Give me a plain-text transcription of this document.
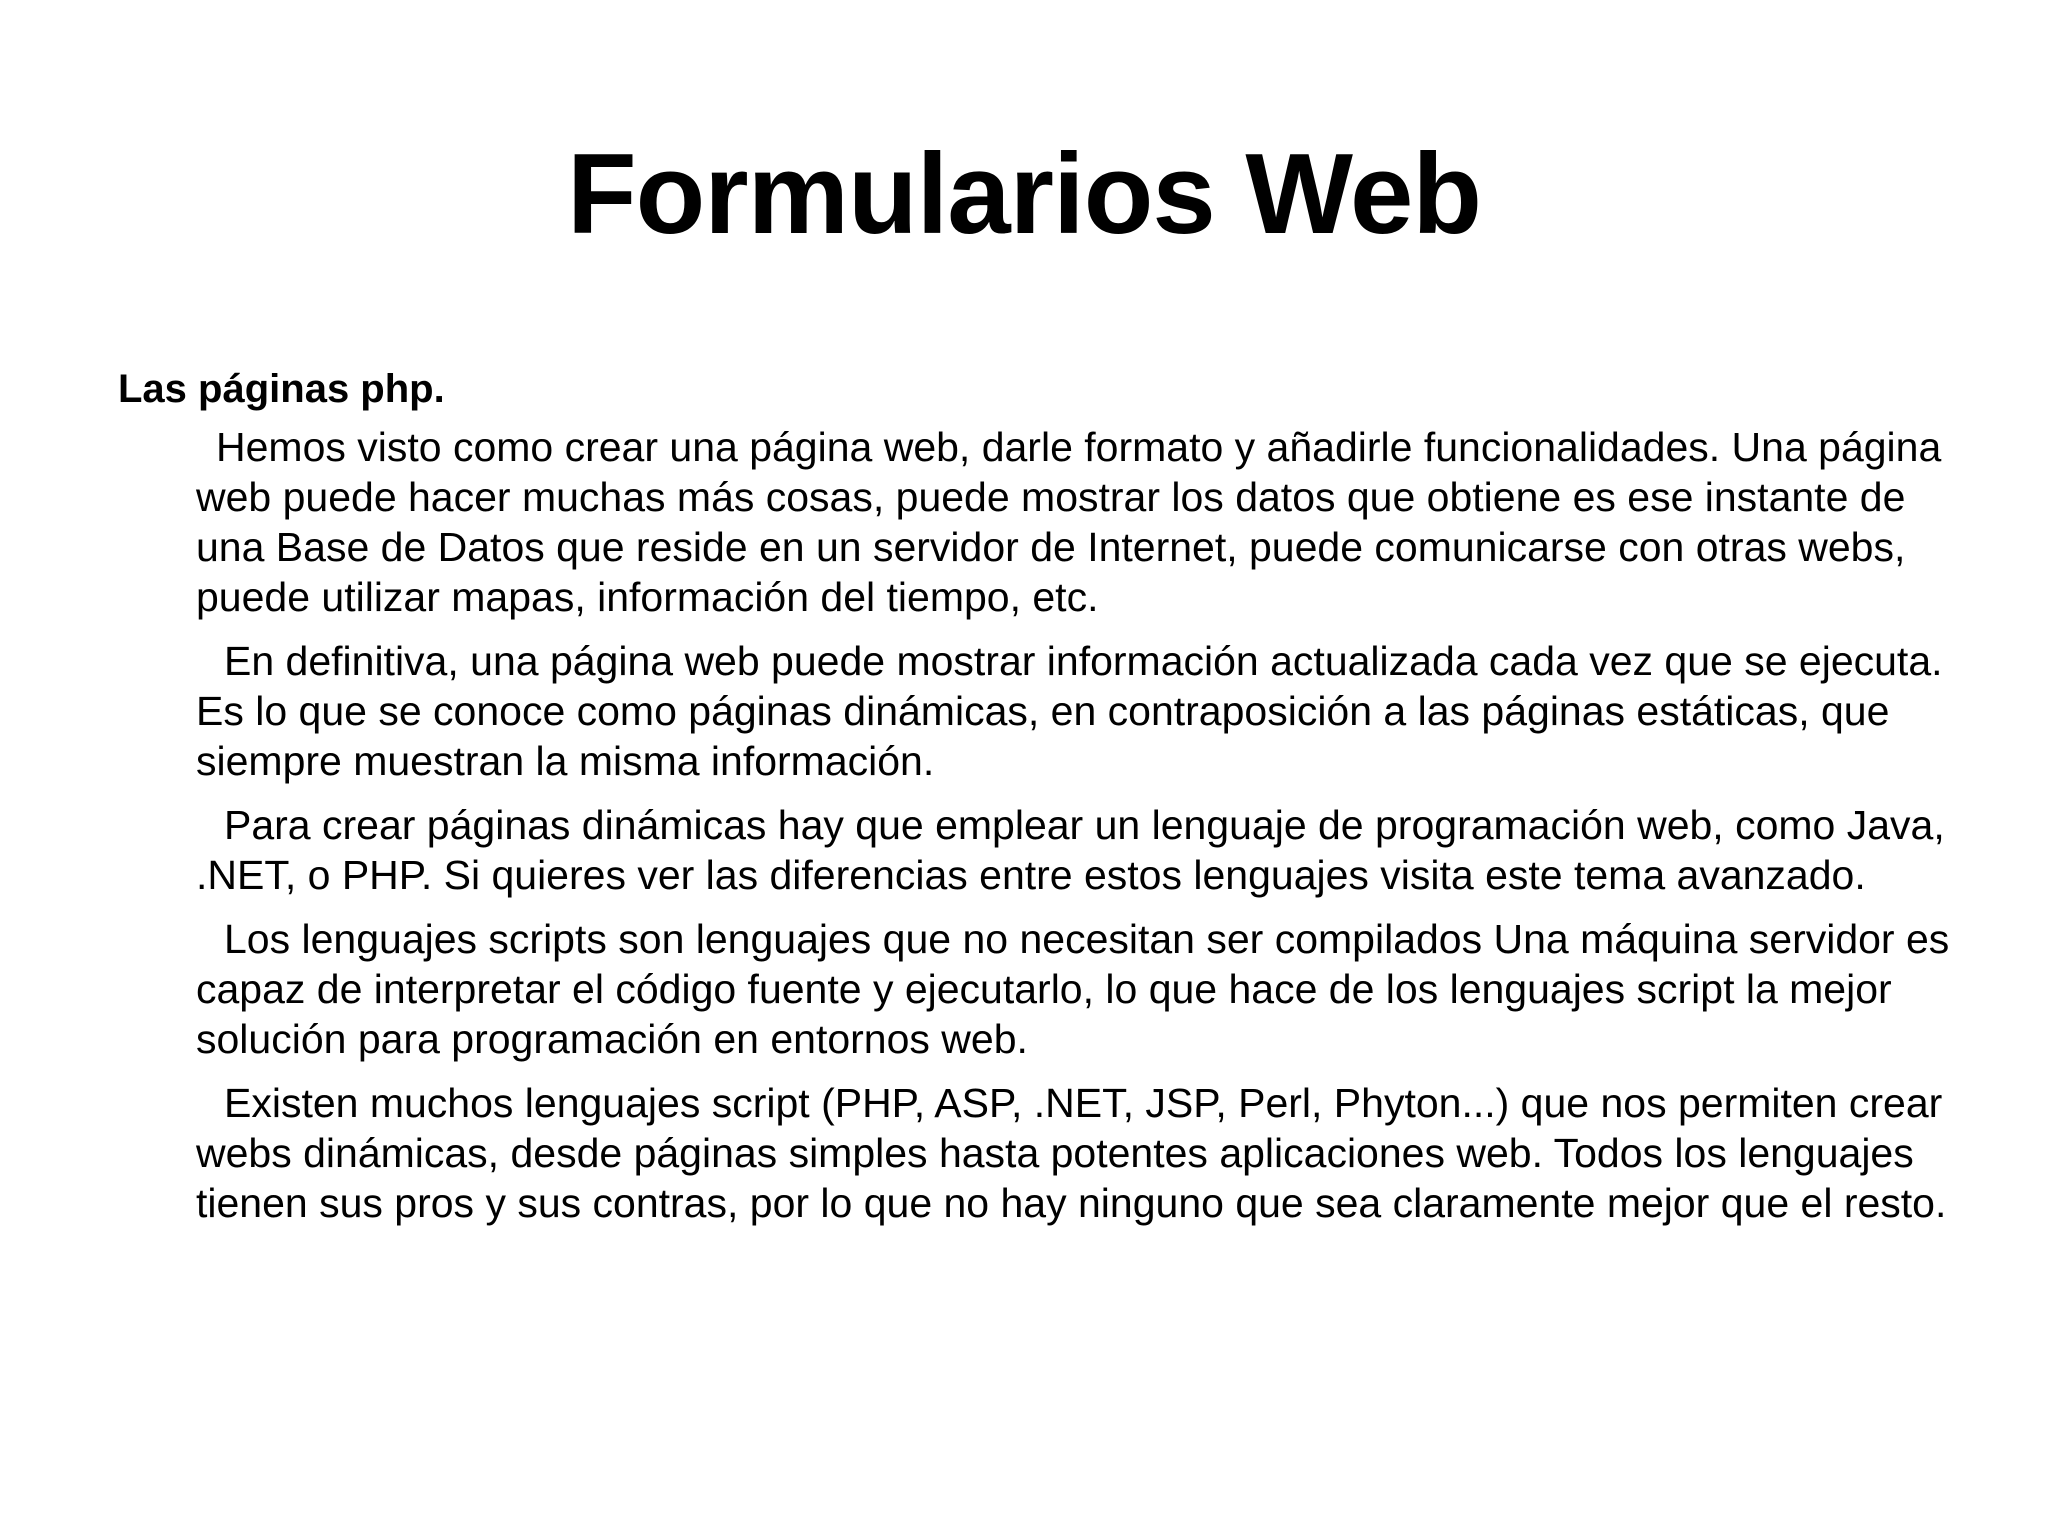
Formularios Web
Las páginas php.

Hemos visto como crear una página web, darle formato y añadirle funcionalidades. Una página web puede hacer muchas más cosas, puede mostrar los datos que obtiene es ese instante de una Base de Datos que reside en un servidor de Internet, puede comunicarse con otras webs, puede utilizar mapas, información del tiempo, etc.

En definitiva, una página web puede mostrar información actualizada cada vez que se ejecuta. Es lo que se conoce como páginas dinámicas, en contraposición a las páginas estáticas, que siempre muestran la misma información.

Para crear páginas dinámicas hay que emplear un lenguaje de programación web, como Java, .NET, o PHP. Si quieres ver las diferencias entre estos lenguajes visita este tema avanzado.

Los lenguajes scripts son lenguajes que no necesitan ser compilados Una máquina servidor es capaz de interpretar el código fuente y ejecutarlo, lo que hace de los lenguajes script la mejor solución para programación en entornos web.

Existen muchos lenguajes script (PHP, ASP, .NET, JSP, Perl, Phyton...) que nos permiten crear webs dinámicas, desde páginas simples hasta potentes aplicaciones web. Todos los lenguajes tienen sus pros y sus contras, por lo que no hay ninguno que sea claramente mejor que el resto.
